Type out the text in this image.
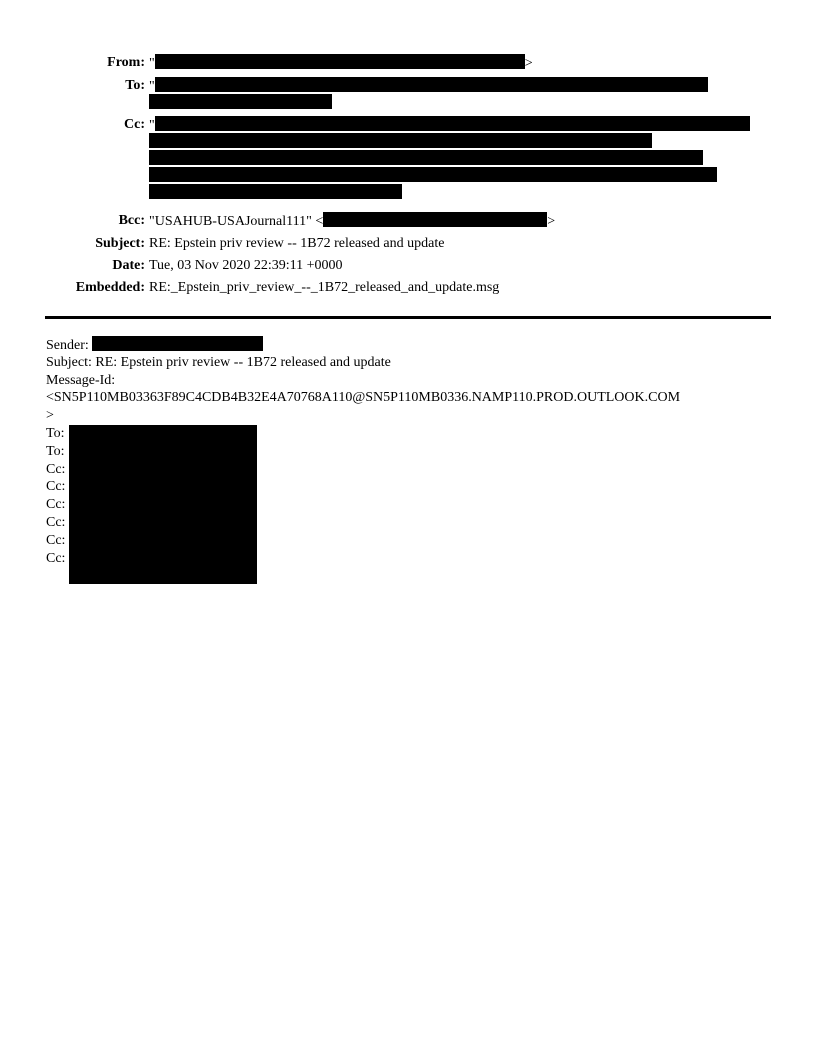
From: "	>
To: "
Cc: "
Bcc: "USAHUB-USAJournal111" <	>
Subject: RE: Epstein priv review -- 1B72 released and update
Date: Tue, 03 Nov 2020 22:39:11 +0000
Embedded: RE:_Epstein_priv_review_--_1B72_released_and_update.msg
Sender:
Subject: RE: Epstein priv review -- 1B72 released and update
Message-Id:
<SN5P110MB03363F89C4CDB4B32E4A70768A110@SN5P110MB0336.NAMP110.PROD.OUTLOOK.COM
>
To:
To:
Cc:
Cc:
Cc:
Cc:
Cc:
Cc:
